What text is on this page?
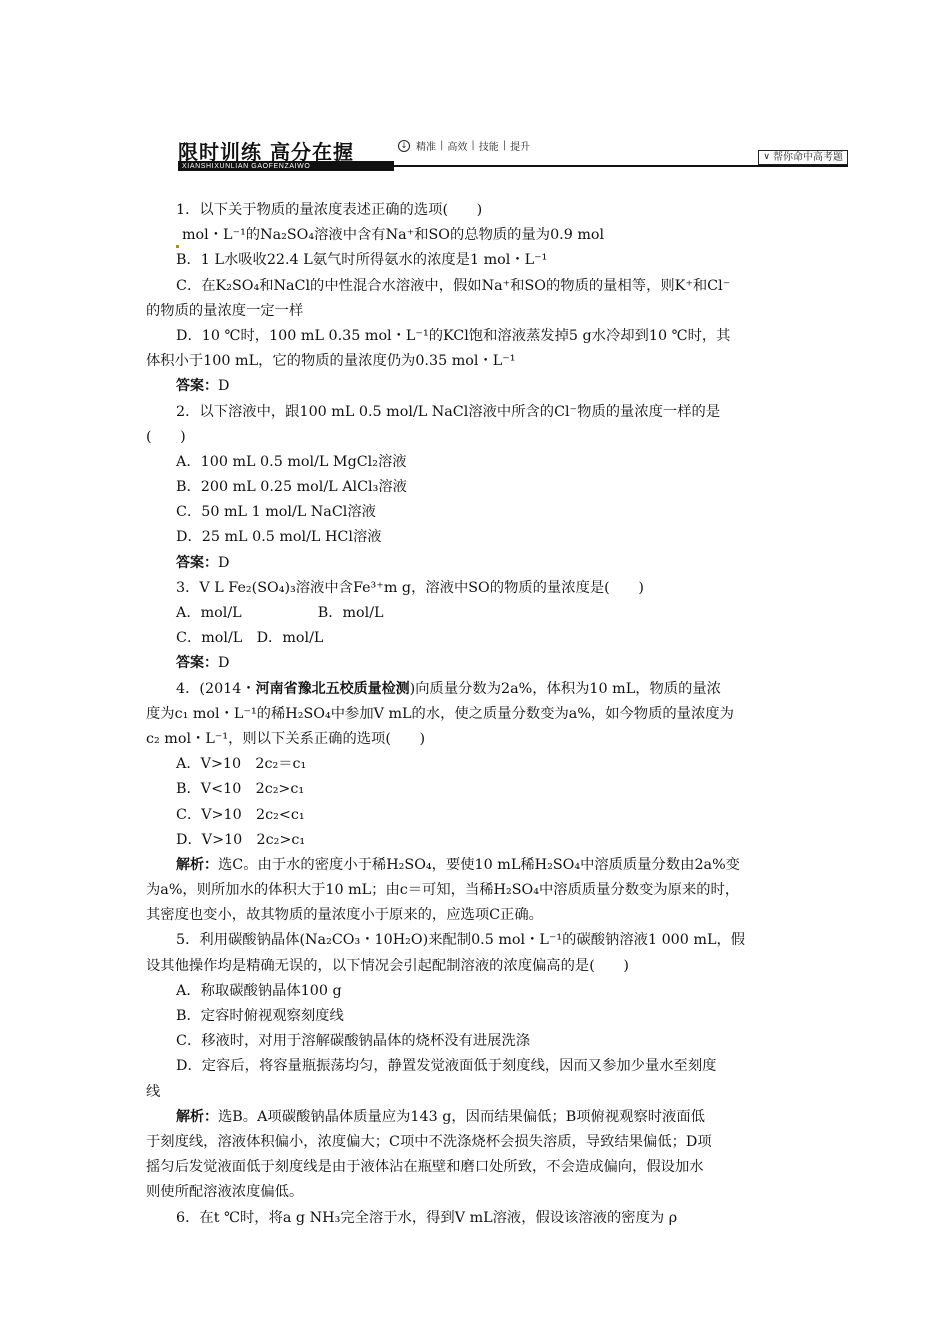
限时训练 高分在握
XIANSHIXUNLIAN GAOFENZAIWO
↓ 精准 | 高效 | 技能 | 提升
∨ 帮你命中高考题
1．以下关于物质的量浓度表述正确的选项(　　)
mol・L⁻¹的Na₂SO₄溶液中含有Na⁺和SO的总物质的量为0.9 mol
B．1 L水吸收22.4 L氨气时所得氨水的浓度是1 mol・L⁻¹
C．在K₂SO₄和NaCl的中性混合水溶液中，假如Na⁺和SO的物质的量相等，则K⁺和Cl⁻
的物质的量浓度一定一样
D．10 ℃时，100 mL 0.35 mol・L⁻¹的KCl饱和溶液蒸发掉5 g水冷却到10 ℃时，其
体积小于100 mL，它的物质的量浓度仍为0.35 mol・L⁻¹
答案：D
2．以下溶液中，跟100 mL 0.5 mol/L NaCl溶液中所含的Cl⁻物质的量浓度一样的是
(　　)
A．100 mL 0.5 mol/L MgCl₂溶液
B．200 mL 0.25 mol/L AlCl₃溶液
C．50 mL 1 mol/L NaCl溶液
D．25 mL 0.5 mol/L HCl溶液
答案：D
3．V L Fe₂(SO₄)₃溶液中含Fe³⁺m g，溶液中SO的物质的量浓度是(　　)
A．mol/L　　　　　 B．mol/L
C．mol/L　D．mol/L
答案：D
4．(2014・河南省豫北五校质量检测)向质量分数为2a%，体积为10 mL，物质的量浓
度为c₁ mol・L⁻¹的稀H₂SO₄中参加V mL的水，使之质量分数变为a%，如今物质的量浓度为
c₂ mol・L⁻¹，则以下关系正确的选项(　　)
A．V>10　2c₂＝c₁
B．V<10　2c₂>c₁
C．V>10　2c₂<c₁
D．V>10　2c₂>c₁
解析：选C。由于水的密度小于稀H₂SO₄，要使10 mL稀H₂SO₄中溶质质量分数由2a%变
为a%，则所加水的体积大于10 mL；由c＝可知，当稀H₂SO₄中溶质质量分数变为原来的时，
其密度也变小，故其物质的量浓度小于原来的，应选项C正确。
5．利用碳酸钠晶体(Na₂CO₃・10H₂O)来配制0.5 mol・L⁻¹的碳酸钠溶液1 000 mL，假
设其他操作均是精确无误的，以下情况会引起配制溶液的浓度偏高的是(　　)
A．称取碳酸钠晶体100 g
B．定容时俯视观察刻度线
C．移液时，对用于溶解碳酸钠晶体的烧杯没有进展洗涤
D．定容后，将容量瓶振荡均匀，静置发觉液面低于刻度线，因而又参加少量水至刻度
线
解析：选B。A项碳酸钠晶体质量应为143 g，因而结果偏低；B项俯视观察时液面低
于刻度线，溶液体积偏小，浓度偏大；C项中不洗涤烧杯会损失溶质，导致结果偏低；D项
摇匀后发觉液面低于刻度线是由于液体沾在瓶壁和磨口处所致，不会造成偏向，假设加水
则使所配溶液浓度偏低。
6．在t ℃时，将a g NH₃完全溶于水，得到V mL溶液，假设该溶液的密度为 ρ
